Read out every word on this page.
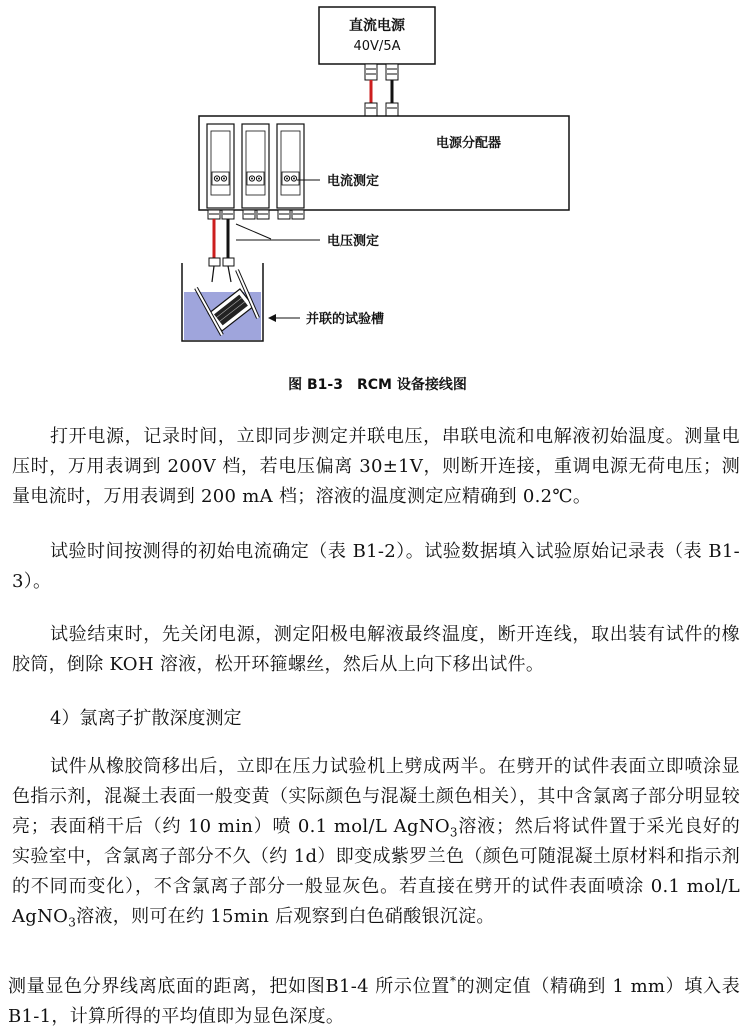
直流电源
40V/5A
电源分配器
电流测定
电压测定
并联的试验槽
图 B1-3 RCM 设备接线图

打开电源，记录时间，立即同步测定并联电压，串联电流和电解液初始温度。测量电压时，万用表调到 200V 档，若电压偏离 30±1V，则断开连接，重调电源无荷电压；测量电流时，万用表调到 200 mA 档；溶液的温度测定应精确到 0.2℃。

试验时间按测得的初始电流确定（表 B1-2）。试验数据填入试验原始记录表（表 B1-3）。

试验结束时，先关闭电源，测定阳极电解液最终温度，断开连线，取出装有试件的橡胶筒，倒除 KOH 溶液，松开环箍螺丝，然后从上向下移出试件。

4）氯离子扩散深度测定

试件从橡胶筒移出后，立即在压力试验机上劈成两半。在劈开的试件表面立即喷涂显色指示剂，混凝土表面一般变黄（实际颜色与混凝土颜色相关），其中含氯离子部分明显较亮；表面稍干后（约 10 min）喷 0.1 mol/L AgNO$_3$溶液；然后将试件置于采光良好的实验室中，含氯离子部分不久（约 1d）即变成紫罗兰色（颜色可随混凝土原材料和指示剂的不同而变化），不含氯离子部分一般显灰色。若直接在劈开的试件表面喷涂 0.1 mol/L AgNO$_3$溶液，则可在约 15min 后观察到白色硝酸银沉淀。

测量显色分界线离底面的距离，把如图B1-4 所示位置*的测定值（精确到 1 mm）填入表B1-1，计算所得的平均值即为显色深度。
